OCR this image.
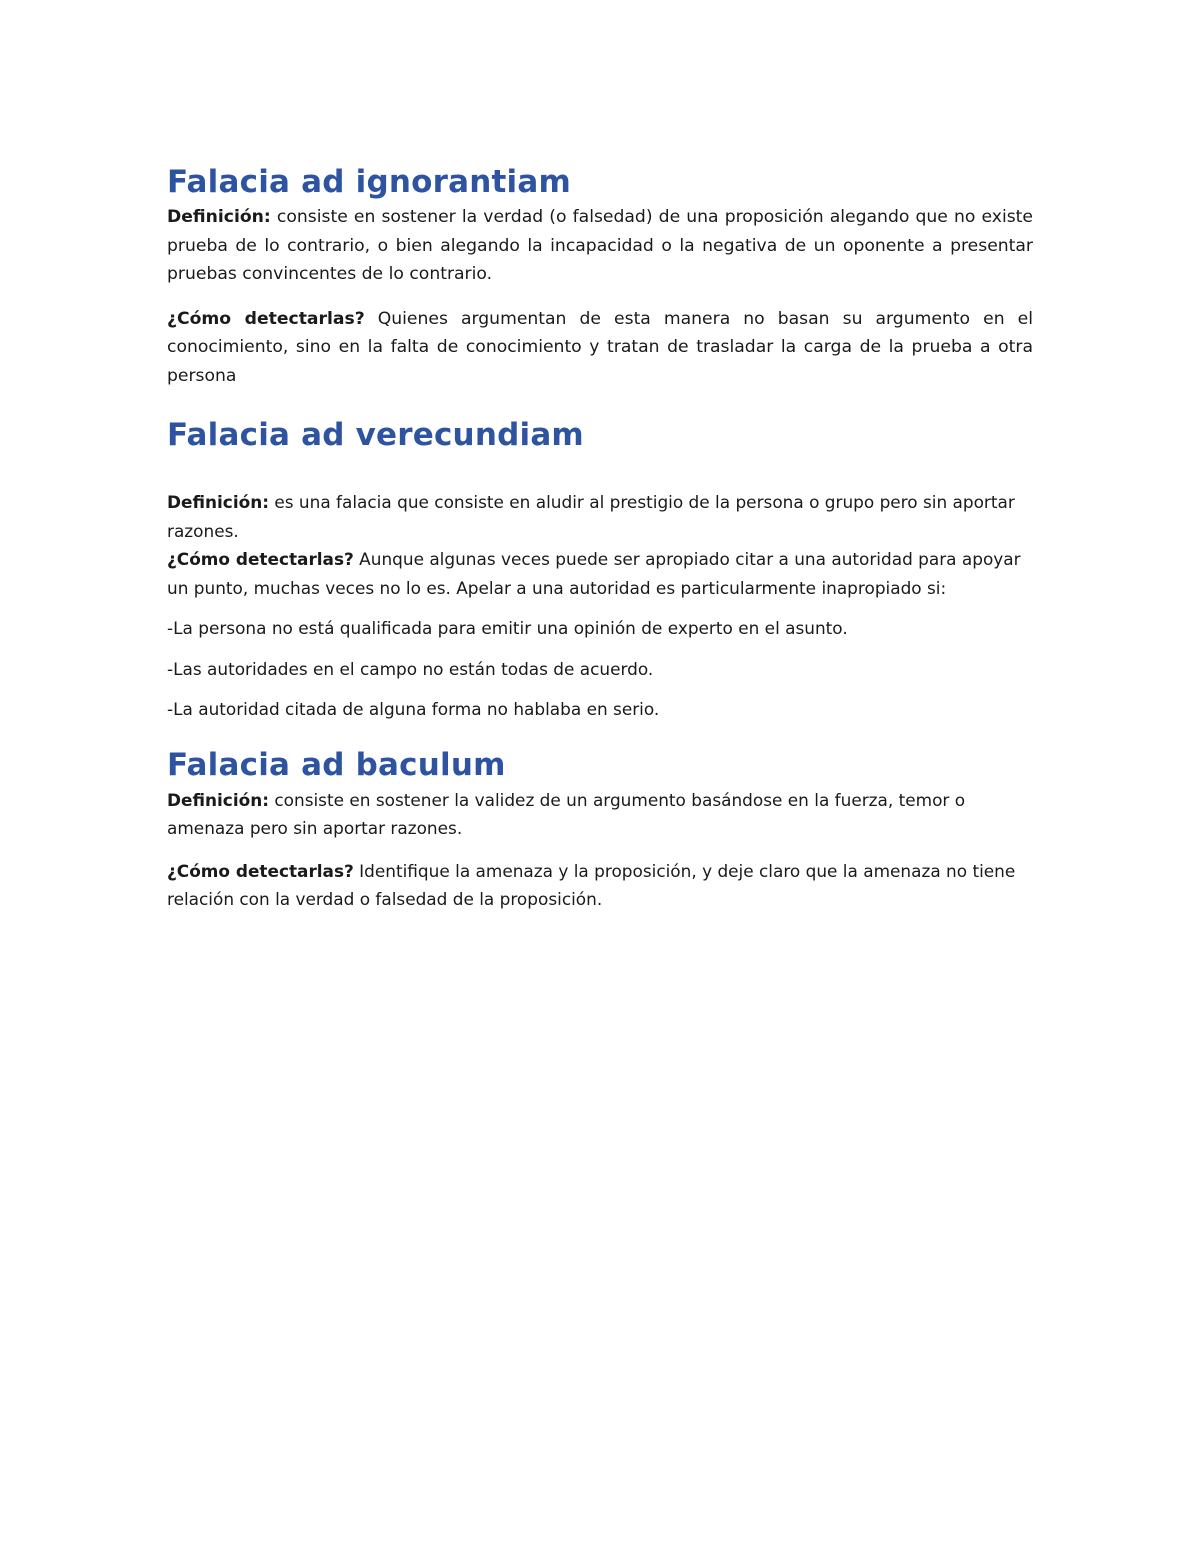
Falacia ad ignorantiam

Definición: consiste en sostener la verdad (o falsedad) de una proposición alegando que no existe prueba de lo contrario, o bien alegando la incapacidad o la negativa de un oponente a presentar pruebas convincentes de lo contrario.

¿Cómo detectarlas? Quienes argumentan de esta manera no basan su argumento en el conocimiento, sino en la falta de conocimiento y tratan de trasladar la carga de la prueba a otra persona

Falacia ad verecundiam

Definición: es una falacia que consiste en aludir al prestigio de la persona o grupo pero sin aportar razones.

¿Cómo detectarlas? Aunque algunas veces puede ser apropiado citar a una autoridad para apoyar un punto, muchas veces no lo es. Apelar a una autoridad es particularmente inapropiado si:

-La persona no está qualificada para emitir una opinión de experto en el asunto.

-Las autoridades en el campo no están todas de acuerdo.

-La autoridad citada de alguna forma no hablaba en serio.

Falacia ad baculum

Definición: consiste en sostener la validez de un argumento basándose en la fuerza, temor o amenaza pero sin aportar razones.

¿Cómo detectarlas? Identifique la amenaza y la proposición, y deje claro que la amenaza no tiene relación con la verdad o falsedad de la proposición.
